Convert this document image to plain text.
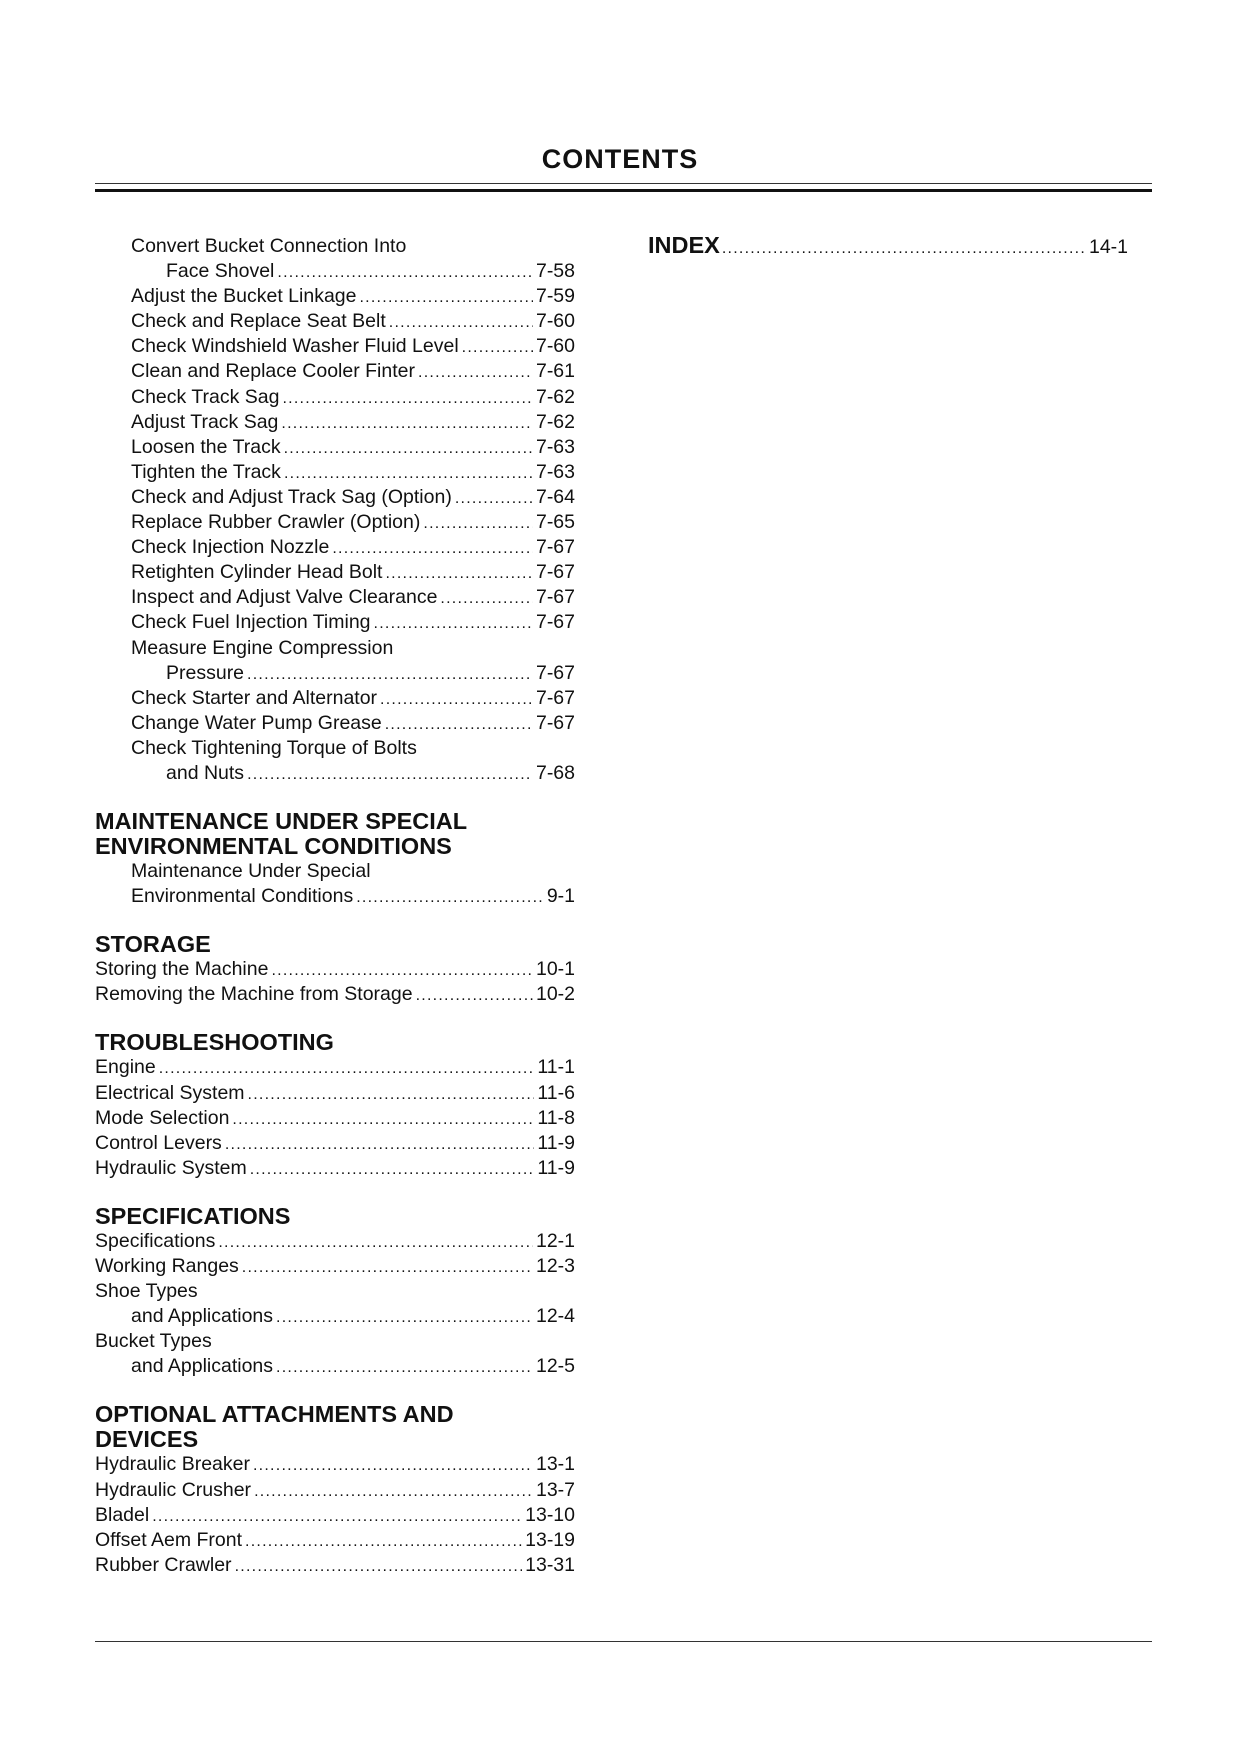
CONTENTS
Convert Bucket Connection Into
Face Shovel . . .	7-58
Adjust the Bucket Linkage . . .	7-59
Check and Replace Seat Belt . . .	7-60
Check Windshield Washer Fluid Level . . .	7-60
Clean and Replace Cooler Finter . . .	7-61
Check Track Sag . . .	7-62
Adjust Track Sag . . .	7-62
Loosen the Track . . .	7-63
Tighten the Track . . .	7-63
Check and Adjust Track Sag (Option) . . .	7-64
Replace Rubber Crawler (Option) . . .	7-65
Check Injection Nozzle . . .	7-67
Retighten Cylinder Head Bolt . . .	7-67
Inspect and Adjust Valve Clearance . . .	7-67
Check Fuel Injection Timing . . .	7-67
Measure Engine Compression
Pressure . . .	7-67
Check Starter and Alternator . . .	7-67
Change Water Pump Grease . . .	7-67
Check Tightening Torque of Bolts
and Nuts . . .	7-68
MAINTENANCE UNDER SPECIAL
ENVIRONMENTAL CONDITIONS
Maintenance Under Special
Environmental Conditions . . .	9-1
STORAGE
Storing the Machine . . .	10-1
Removing the Machine from Storage . . .	10-2
TROUBLESHOOTING
Engine . . .	11-1
Electrical System . . .	11-6
Mode Selection . . .	11-8
Control Levers . . .	11-9
Hydraulic System . . .	11-9
SPECIFICATIONS
Specifications . . .	12-1
Working Ranges . . .	12-3
Shoe Types
and Applications . . .	12-4
Bucket Types
and Applications . . .	12-5
OPTIONAL ATTACHMENTS AND
DEVICES
Hydraulic Breaker . . .	13-1
Hydraulic Crusher . . .	13-7
Bladel . . .	13-10
Offset Aem Front . . .	13-19
Rubber Crawler . . .	13-31
INDEX . . .	14-1
